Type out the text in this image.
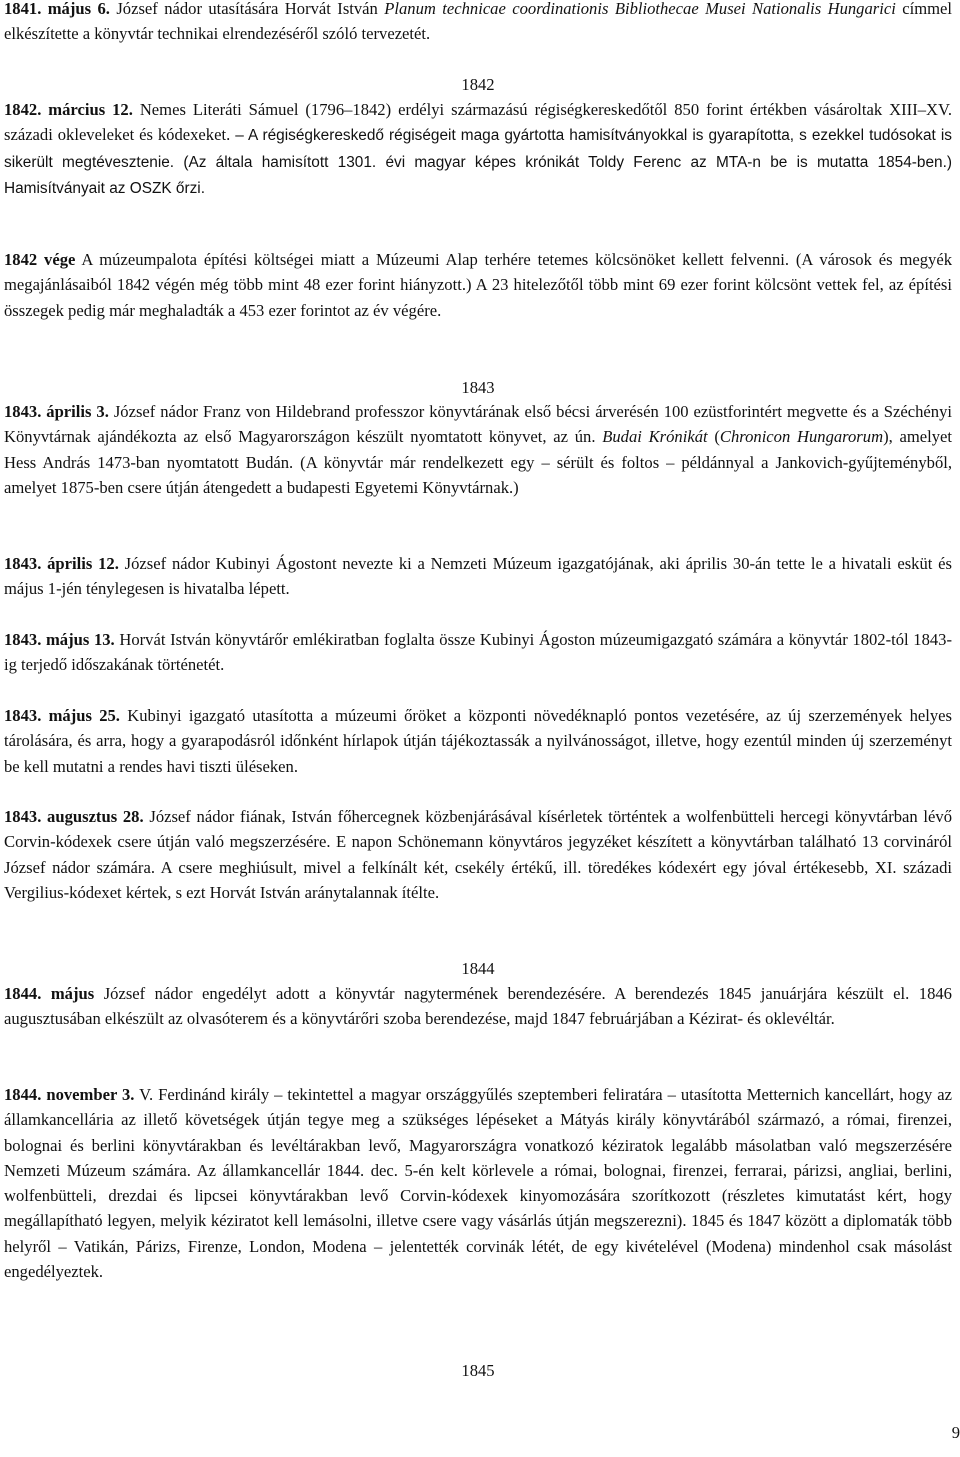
1841. május 6. József nádor utasítására Horvát István Planum technicae coordinationis Bibliothecae Musei Nationalis Hungarici címmel elkészítette a könyvtár technikai elrendezéséről szóló tervezetét.

1842

1842. március 12. Nemes Literáti Sámuel (1796–1842) erdélyi származású régiségkereskedőtől 850 forint értékben vásároltak XIII–XV. századi okleveleket és kódexeket. – A régiségkereskedő régiségeit maga gyártotta hamisítványokkal is gyarapította, s ezekkel tudósokat is sikerült megtévesztenie. (Az általa hamisított 1301. évi magyar képes krónikát Toldy Ferenc az MTA-n be is mutatta 1854-ben.) Hamisítványait az OSZK őrzi.

1842 vége A múzeumpalota építési költségei miatt a Múzeumi Alap terhére tetemes kölcsönöket kellett felvenni. (A városok és megyék megajánlásaiból 1842 végén még több mint 48 ezer forint hiányzott.) A 23 hitelezőtől több mint 69 ezer forint kölcsönt vettek fel, az építési összegek pedig már meghaladták a 453 ezer forintot az év végére.

1843

1843. április 3. József nádor Franz von Hildebrand professzor könyvtárának első bécsi árverésén 100 ezüstforintért megvette és a Széchényi Könyvtárnak ajándékozta az első Magyarországon készült nyomtatott könyvet, az ún. Budai Krónikát (Chronicon Hungarorum), amelyet Hess András 1473-ban nyomtatott Budán. (A könyvtár már rendelkezett egy – sérült és foltos – példánnyal a Jankovich-gyűjteményből, amelyet 1875-ben csere útján átengedett a budapesti Egyetemi Könyvtárnak.)

1843. április 12. József nádor Kubinyi Ágostont nevezte ki a Nemzeti Múzeum igazgatójának, aki április 30-án tette le a hivatali esküt és május 1-jén ténylegesen is hivatalba lépett.

1843. május 13. Horvát István könyvtárőr emlékiratban foglalta össze Kubinyi Ágoston múzeumigazgató számára a könyvtár 1802-tól 1843-ig terjedő időszakának történetét.

1843. május 25. Kubinyi igazgató utasította a múzeumi őröket a központi növedéknapló pontos vezetésére, az új szerzemények helyes tárolására, és arra, hogy a gyarapodásról időnként hírlapok útján tájékoztassák a nyilvánosságot, illetve, hogy ezentúl minden új szerzeményt be kell mutatni a rendes havi tiszti üléseken.

1843. augusztus 28. József nádor fiának, István főhercegnek közbenjárásával kísérletek történtek a wolfenbütteli hercegi könyvtárban lévő Corvin-kódexek csere útján való megszerzésére. E napon Schönemann könyvtáros jegyzéket készített a könyvtárban található 13 corvináról József nádor számára. A csere meghiúsult, mivel a felkínált két, csekély értékű, ill. töredékes kódexért egy jóval értékesebb, XI. századi Vergilius-kódexet kértek, s ezt Horvát István aránytalannak ítélte.

1844

1844. május József nádor engedélyt adott a könyvtár nagytermének berendezésére. A berendezés 1845 januárjára készült el. 1846 augusztusában elkészült az olvasóterem és a könyvtárőri szoba berendezése, majd 1847 februárjában a Kézirat- és oklevéltár.

1844. november 3. V. Ferdinánd király – tekintettel a magyar országgyűlés szeptemberi feliratára – utasította Metternich kancellárt, hogy az államkancellária az illető követségek útján tegye meg a szükséges lépéseket a Mátyás király könyvtárából származó, a római, firenzei, bolognai és berlini könyvtárakban és levéltárakban levő, Magyarországra vonatkozó kéziratok legalább másolatban való megszerzésére Nemzeti Múzeum számára. Az államkancellár 1844. dec. 5-én kelt körlevele a római, bolognai, firenzei, ferrarai, párizsi, angliai, berlini, wolfenbütteli, drezdai és lipcsei könyvtárakban levő Corvin-kódexek kinyomozására szorítkozott (részletes kimutatást kért, hogy megállapítható legyen, melyik kéziratot kell lemásolni, illetve csere vagy vásárlás útján megszerezni). 1845 és 1847 között a diplomaták több helyről – Vatikán, Párizs, Firenze, London, Modena – jelentették corvinák létét, de egy kivételével (Modena) mindenhol csak másolást engedélyeztek.

1845
9
